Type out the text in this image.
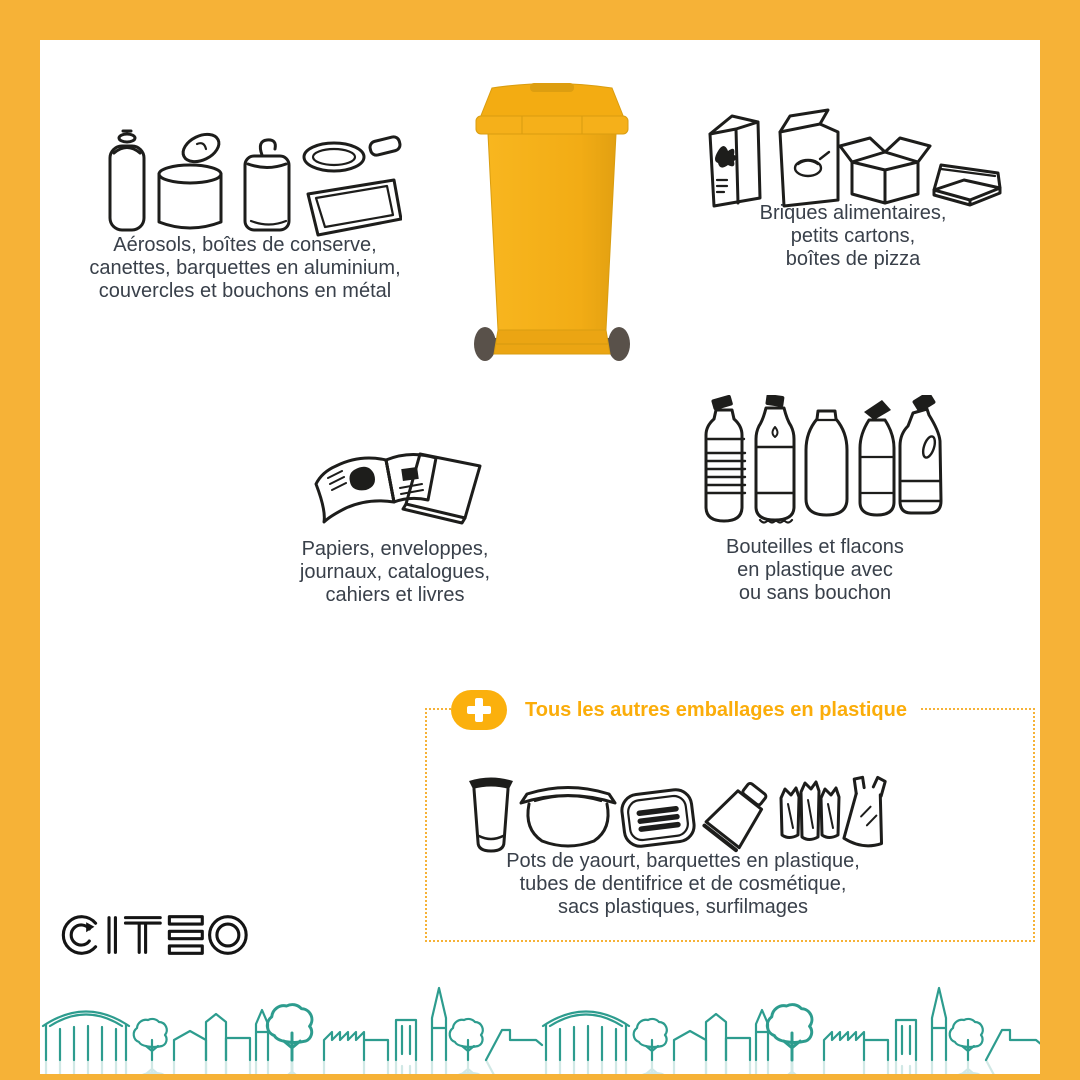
Aérosols, boîtes de conserve,
canettes, barquettes en aluminium,
couvercles et bouchons en métal
Briques alimentaires,
petits cartons,
boîtes de pizza
Papiers, enveloppes,
journaux, catalogues,
cahiers et livres
Bouteilles et flacons
en plastique avec
ou sans bouchon
Tous les autres emballages en plastique
Pots de yaourt, barquettes en plastique,
tubes de dentifrice et de cosmétique,
sacs plastiques, surfilmages
